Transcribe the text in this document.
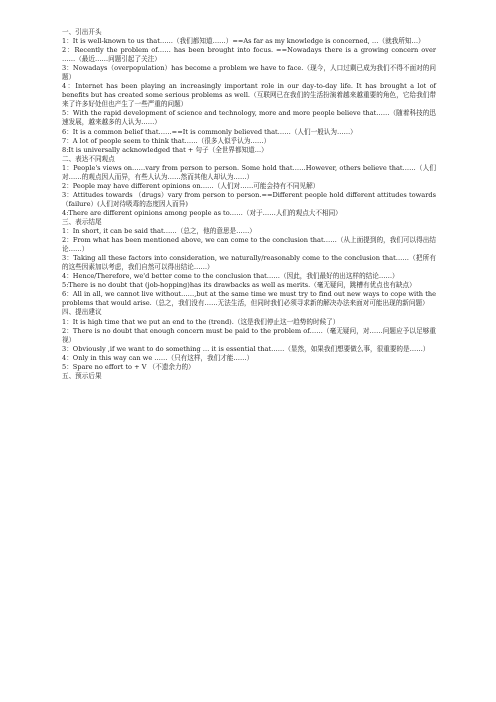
一、引出开头

1：It is well-known to us that……（我们都知道……）==As far as my knowledge is concerned, …（就我所知…）

2：Recently the problem of…… has been brought into focus. ==Nowadays there is a growing concern over ……（最近……问题引起了关注）

3：Nowadays（overpopulation）has become a problem we have to face.（现今，人口过剩已成为我们不得不面对的问题）

4：Internet has been playing an increasingly important role in our day-to-day life. It has brought a lot of benefits but has created some serious problems as well.（互联网已在我们的生活扮演着越来越重要的角色，它给我们带来了许多好处但也产生了一些严重的问题）

5：With the rapid development of science and technology, more and more people believe that……（随着科技的迅速发展，越来越多的人认为……）

6：It is a common belief that……==It is commonly believed that……（人们一般认为……）

7：A lot of people seem to think that……（很多人似乎认为……）

8:It is universally acknowledged that + 句子（全世界都知道...）

二、表达不同观点

1：People's views on……vary from person to person. Some hold that……However, others believe that……（人们对……的观点因人而异，有些人认为……然而其他人却认为……）

2：People may have different opinions on……（人们对……可能会持有不同见解）

3：Attitudes towards （drugs）vary from person to person.==Different people hold different attitudes towards（failure）(人们对待吸毒的态度因人而异)

4:There are different opinions among people as to……（对于……人们的观点大不相同）

三、表示结尾

1：In short, it can be said that……（总之，他的意思是……）

2：From what has been mentioned above, we can come to the conclusion that……（从上面提到的，我们可以得出结论……）

3：Taking all these factors into consideration, we naturally/reasonably come to the conclusion that……（把所有的这些因素加以考虑，我们自然可以得出结论……）

4：Hence/Therefore, we'd better come to the conclusion that……（因此，我们最好的出这样的结论……）

5:There is no doubt that (job-hopping)has its drawbacks as well as merits.（毫无疑问，跳槽有优点也有缺点）

6：All in all, we cannot live without……,but at the same time we must try to find out new ways to cope with the problems that would arise.（总之，我们没有……无法生活，但同时我们必须寻求新的解决办法来面对可能出现的新问题）

四、提出建议

1：It is high time that we put an end to the (trend).（这是我们停止这一趋势的时候了）

2：There is no doubt that enough concern must be paid to the problem of……（毫无疑问，对……问题应予以足够重视）

3：Obviously ,if we want to do something … it is essential that……（显然，如果我们想要做么事，很重要的是……）

4：Only in this way can we ……（只有这样，我们才能……）

5：Spare no effort to + V （不遗余力的）

五、预示后果
